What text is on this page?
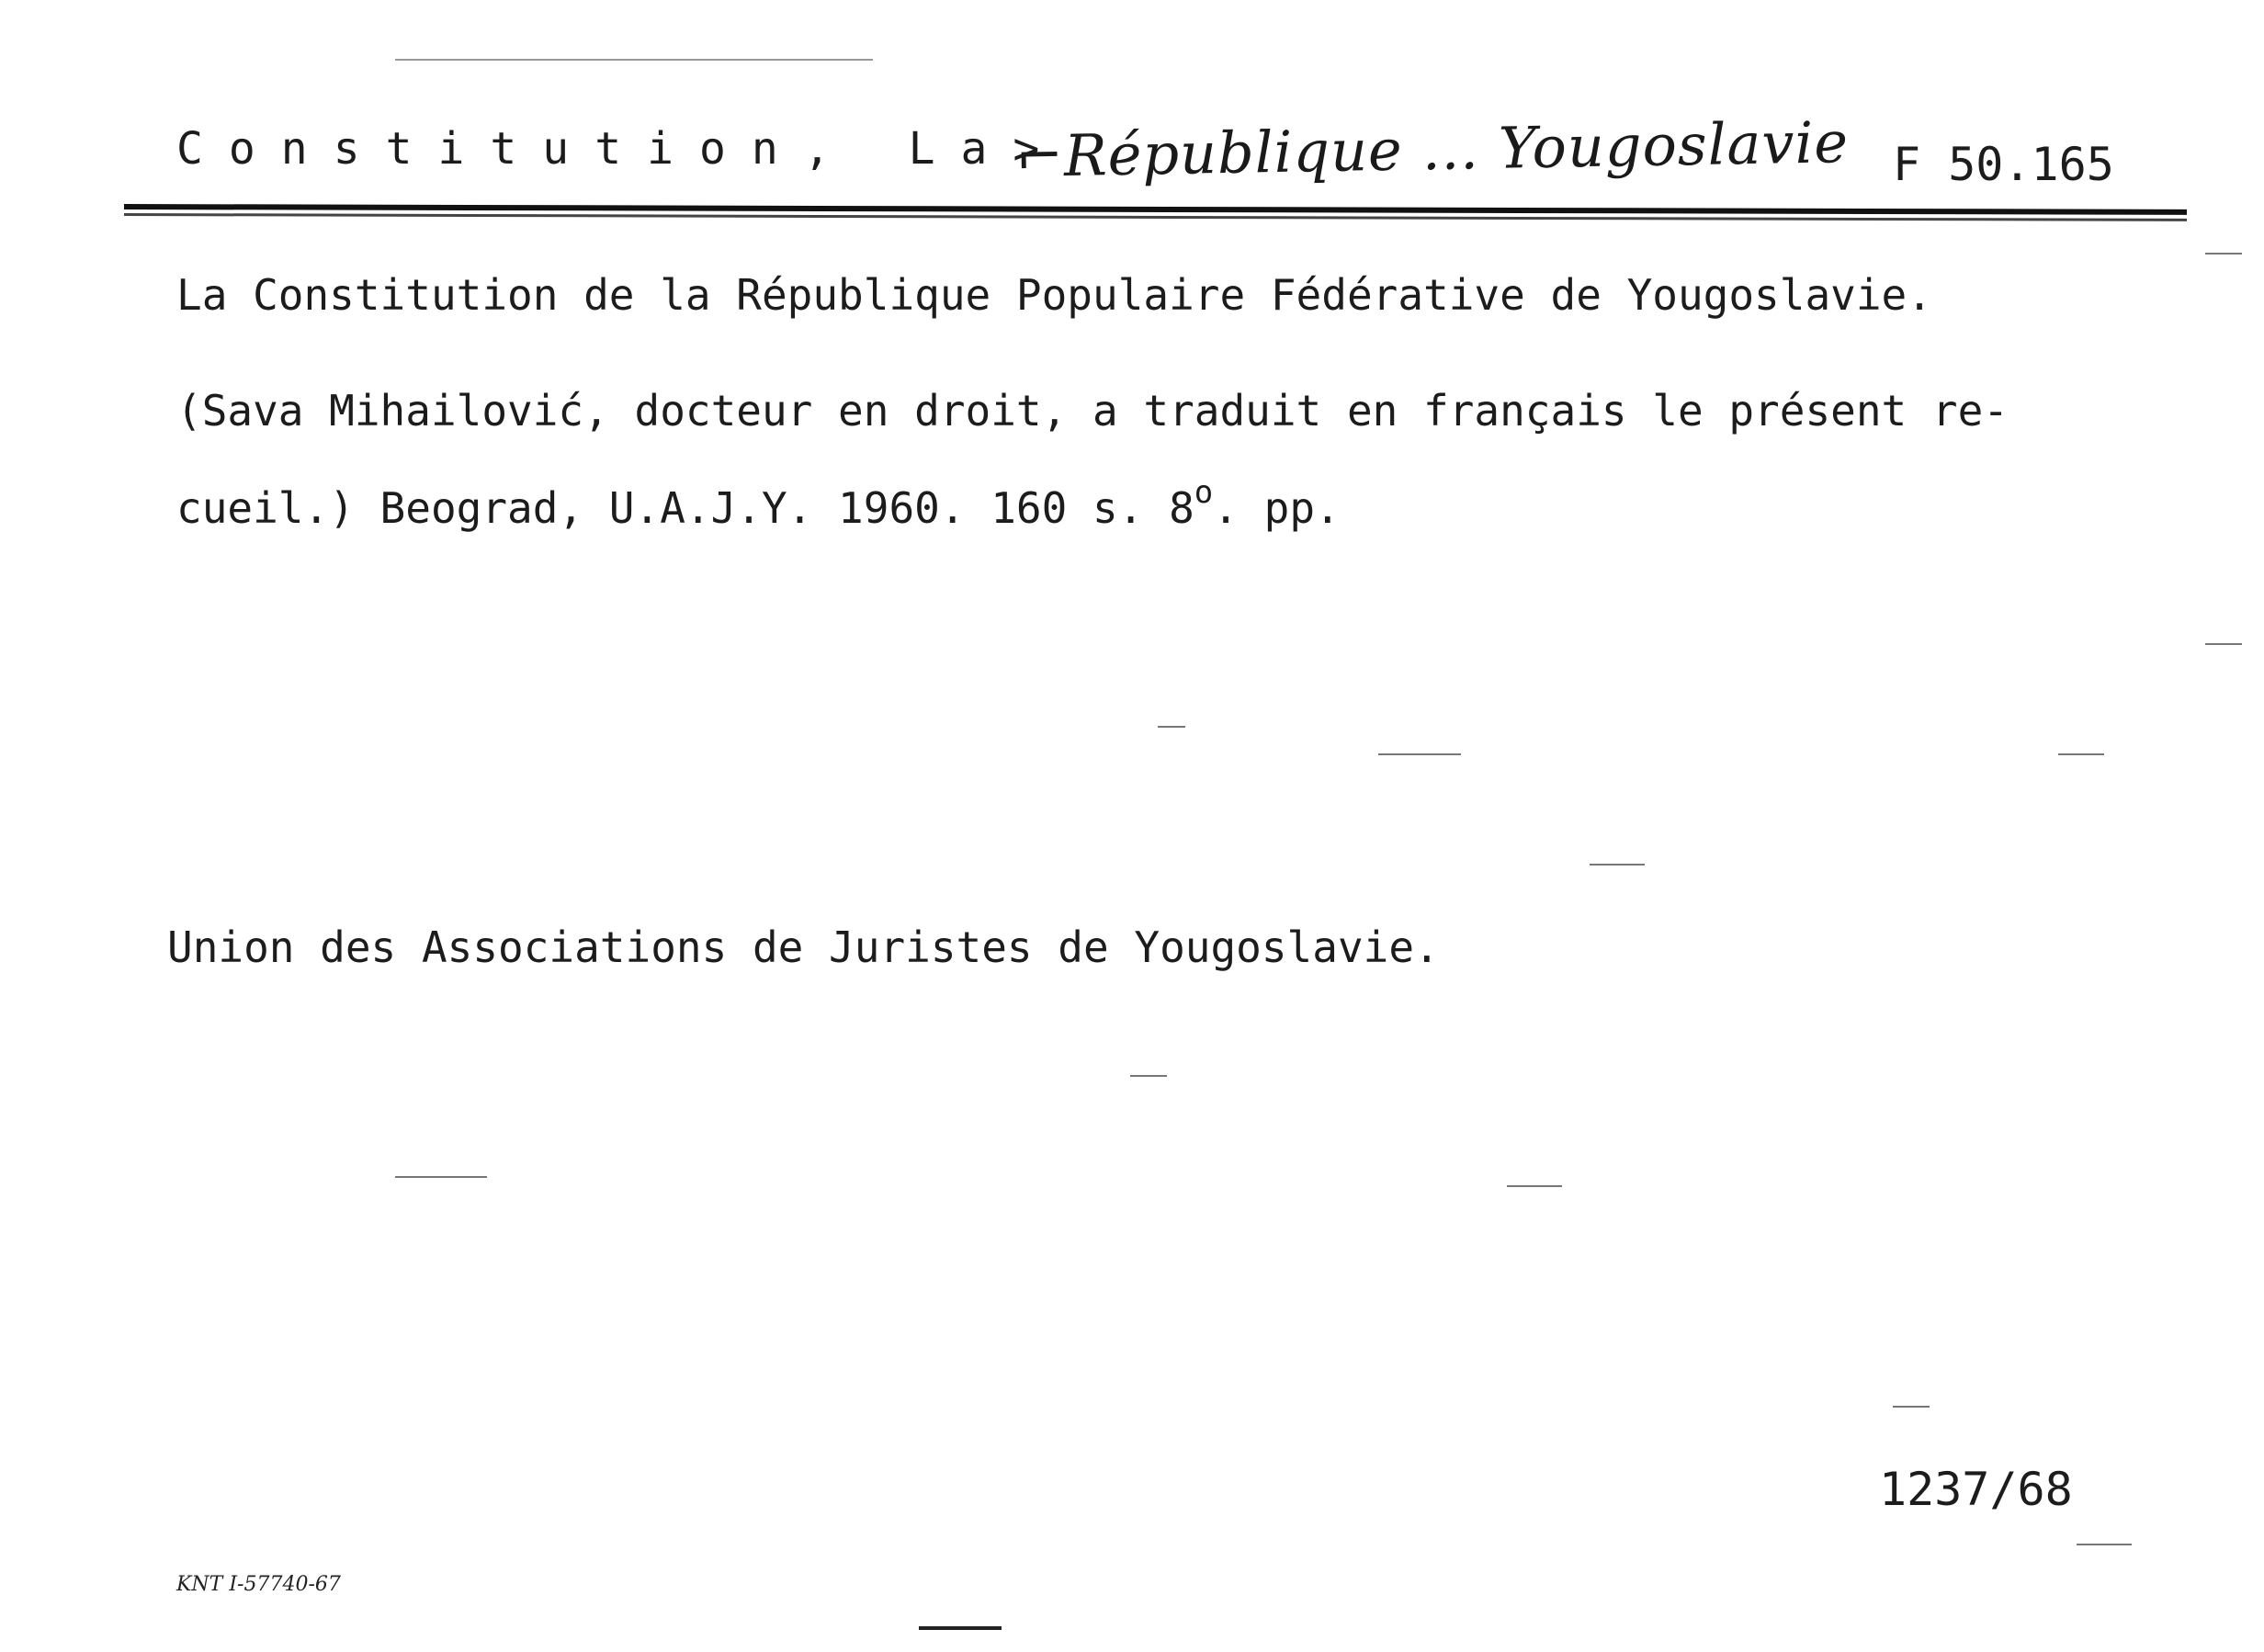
Constitution, La>
⌐République … Yougoslavie F 50.165
La Constitution de la République Populaire Fédérative de Yougoslavie.
(Sava Mihailović, docteur en droit, a traduit en français le présent re-
cueil.) Beograd, U.A.J.Y. 1960. 160 s. 8$^o$. pp.
Union des Associations de Juristes de Yougoslavie.
1237/68
KNT I-57740-67
